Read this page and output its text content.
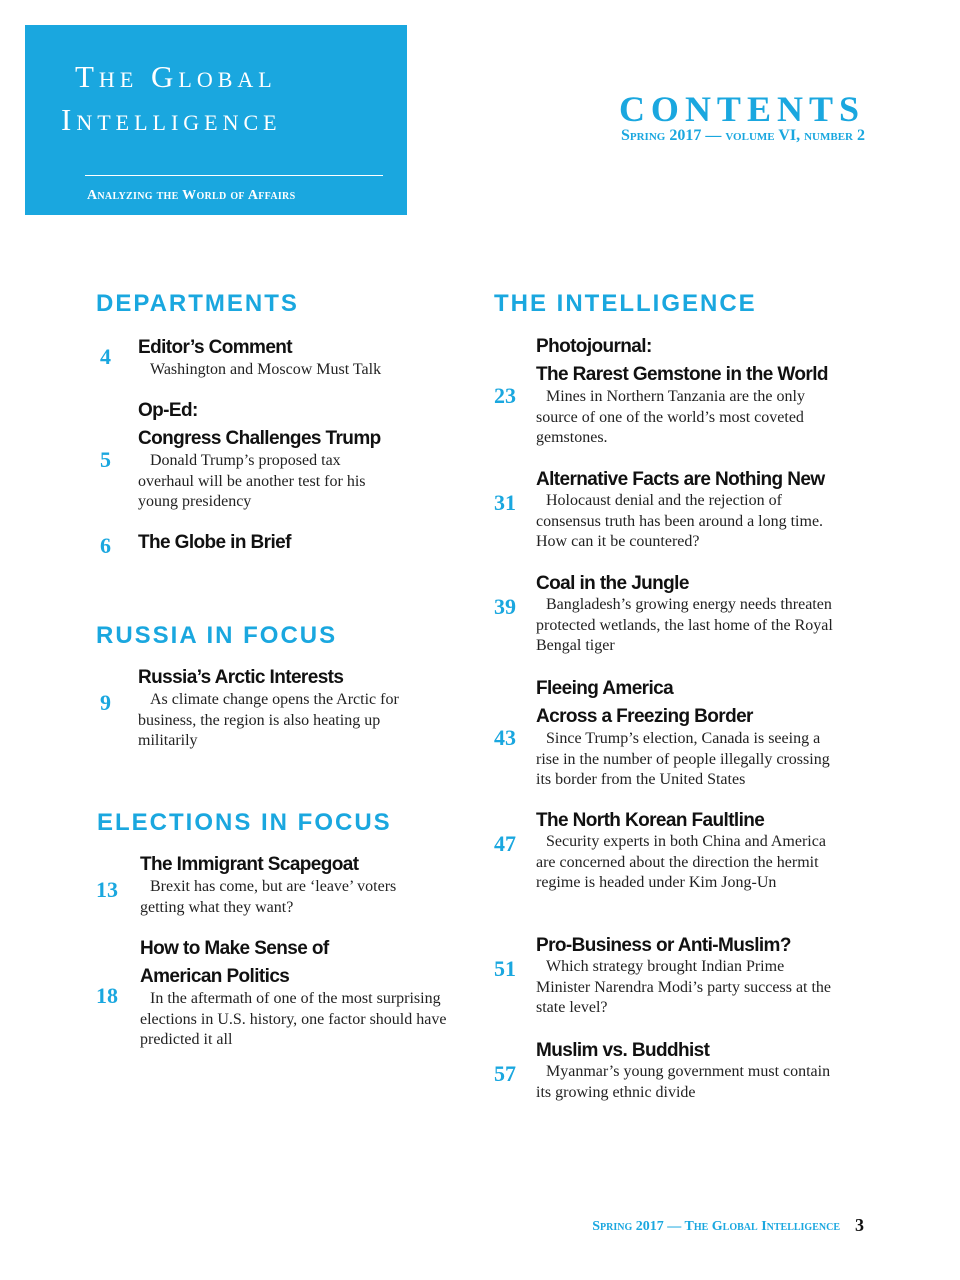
The Global
Intelligence
Analyzing the World of Affairs
CONTENTS
Spring 2017 — volume VI, number 2
DEPARTMENTS
4 Editor’s Comment
Washington and Moscow Must Talk
5
Op-Ed:
Congress Challenges Trump
Donald Trump’s proposed tax overhaul will be another test for his young presidency
6 The Globe in Brief
RUSSIA IN FOCUS
9
Russia’s Arctic Interests
As climate change opens the Arctic for business, the region is also heating up militarily
ELECTIONS IN FOCUS
13
The Immigrant Scapegoat
Brexit has come, but are ‘leave’ voters getting what they want?
18
How to Make Sense of
American Politics
In the aftermath of one of the most surprising elections in U.S. history, one factor should have predicted it all
THE INTELLIGENCE
23
Photojournal:
The Rarest Gemstone in the World
Mines in Northern Tanzania are the only source of one of the world’s most coveted gemstones.
31
Alternative Facts are Nothing New
Holocaust denial and the rejection of consensus truth has been around a long time. How can it be countered?
39
Coal in the Jungle
Bangladesh’s growing energy needs threaten protected wetlands, the last home of the Royal Bengal tiger
43
Fleeing America
Across a Freezing Border
Since Trump’s election, Canada is seeing a rise in the number of people illegally crossing its border from the United States
47
The North Korean Faultline
Security experts in both China and America are concerned about the direction the hermit regime is headed under Kim Jong-Un
51
Pro-Business or Anti-Muslim?
Which strategy brought Indian Prime Minister Narendra Modi’s party success at the state level?
57
Muslim vs. Buddhist
Myanmar’s young government must contain its growing ethnic divide
Spring 2017 — The Global Intelligence 3
